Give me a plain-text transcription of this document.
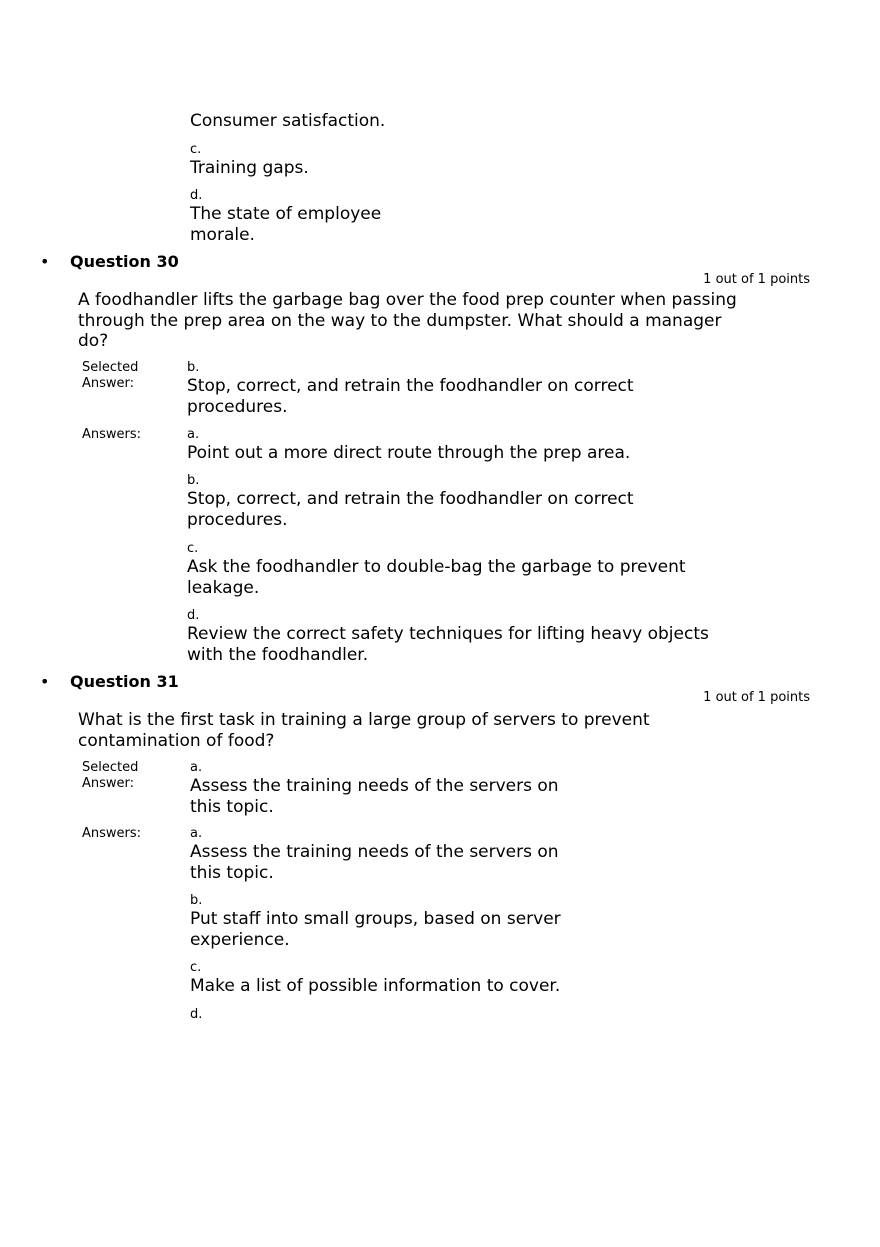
Consumer satisfaction.
c.
Training gaps.
d.
The state of employee morale.
• Question 30
1 out of 1 points
A foodhandler lifts the garbage bag over the food prep counter when passing through the prep area on the way to the dumpster. What should a manager do?
Selected Answer:
b.
Stop, correct, and retrain the foodhandler on correct procedures.
Answers:	a.
Point out a more direct route through the prep area.
b.
Stop, correct, and retrain the foodhandler on correct procedures.
c.
Ask the foodhandler to double-bag the garbage to prevent leakage.
d.
Review the correct safety techniques for lifting heavy objects with the foodhandler.
• Question 31
1 out of 1 points
What is the first task in training a large group of servers to prevent contamination of food?
Selected Answer:
a.
Assess the training needs of the servers on this topic.
Answers:	a.
Assess the training needs of the servers on this topic.
b.
Put staff into small groups, based on server experience.
c.
Make a list of possible information to cover.
d.
